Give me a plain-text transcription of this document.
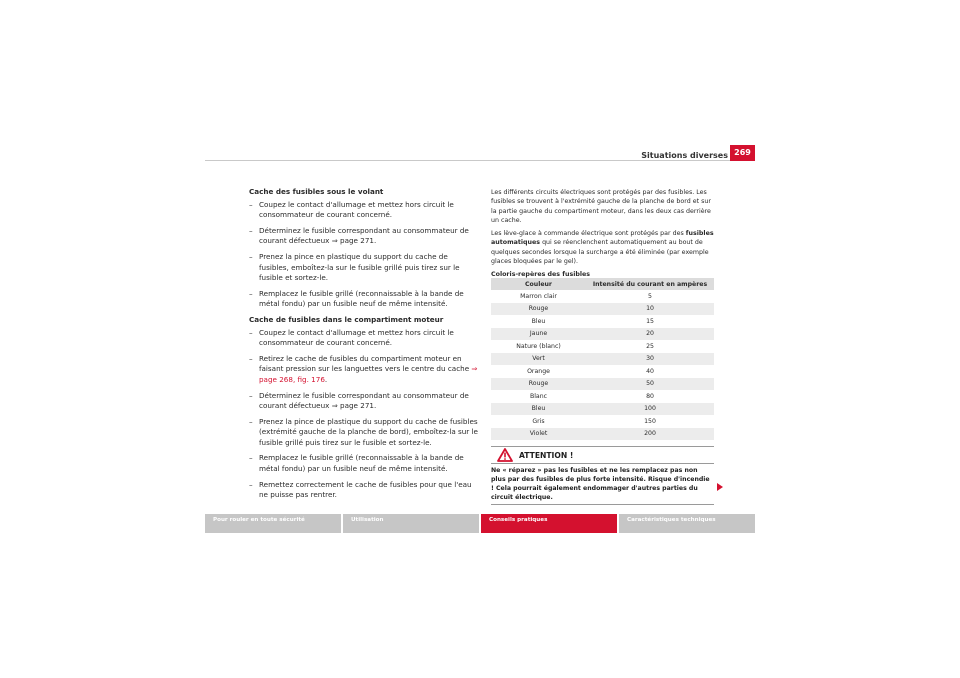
Situations diverses 269
Cache des fusibles sous le volant
– Coupez le contact d'allumage et mettez hors circuit le consommateur de courant concerné.
– Déterminez le fusible correspondant au consommateur de courant défectueux ⇒ page 271.
– Prenez la pince en plastique du support du cache de fusibles, emboîtez-la sur le fusible grillé puis tirez sur le fusible et sortez-le.
– Remplacez le fusible grillé (reconnaissable à la bande de métal fondu) par un fusible neuf de même intensité.
Cache de fusibles dans le compartiment moteur
– Coupez le contact d'allumage et mettez hors circuit le consommateur de courant concerné.
– Retirez le cache de fusibles du compartiment moteur en faisant pression sur les languettes vers le centre du cache ⇒ page 268, fig. 176.
– Déterminez le fusible correspondant au consommateur de courant défectueux ⇒ page 271.
– Prenez la pince de plastique du support du cache de fusibles (extrémité gauche de la planche de bord), emboîtez-la sur le fusible grillé puis tirez sur le fusible et sortez-le.
– Remplacez le fusible grillé (reconnaissable à la bande de métal fondu) par un fusible neuf de même intensité.
– Remettez correctement le cache de fusibles pour que l'eau ne puisse pas rentrer.

Les différents circuits électriques sont protégés par des fusibles. Les fusibles se trouvent à l'extrémité gauche de la planche de bord et sur la partie gauche du compartiment moteur, dans les deux cas derrière un cache.

Les lève-glace à commande électrique sont protégés par des fusibles automatiques qui se réenclenchent automatiquement au bout de quelques secondes lorsque la surcharge a été éliminée (par exemple glaces bloquées par le gel).

Coloris-repères des fusibles
Couleur	Intensité du courant en ampères
Marron clair	5
Rouge	10
Bleu	15
Jaune	20
Nature (blanc)	25
Vert	30
Orange	40
Rouge	50
Blanc	80
Bleu	100
Gris	150
Violet	200
ATTENTION !
Ne « réparez » pas les fusibles et ne les remplacez pas non plus par des fusibles de plus forte intensité. Risque d'incendie ! Cela pourrait également endommager d'autres parties du circuit électrique.
Pour rouler en toute sécurité	Utilisation	Conseils pratiques	Caractéristiques techniques
